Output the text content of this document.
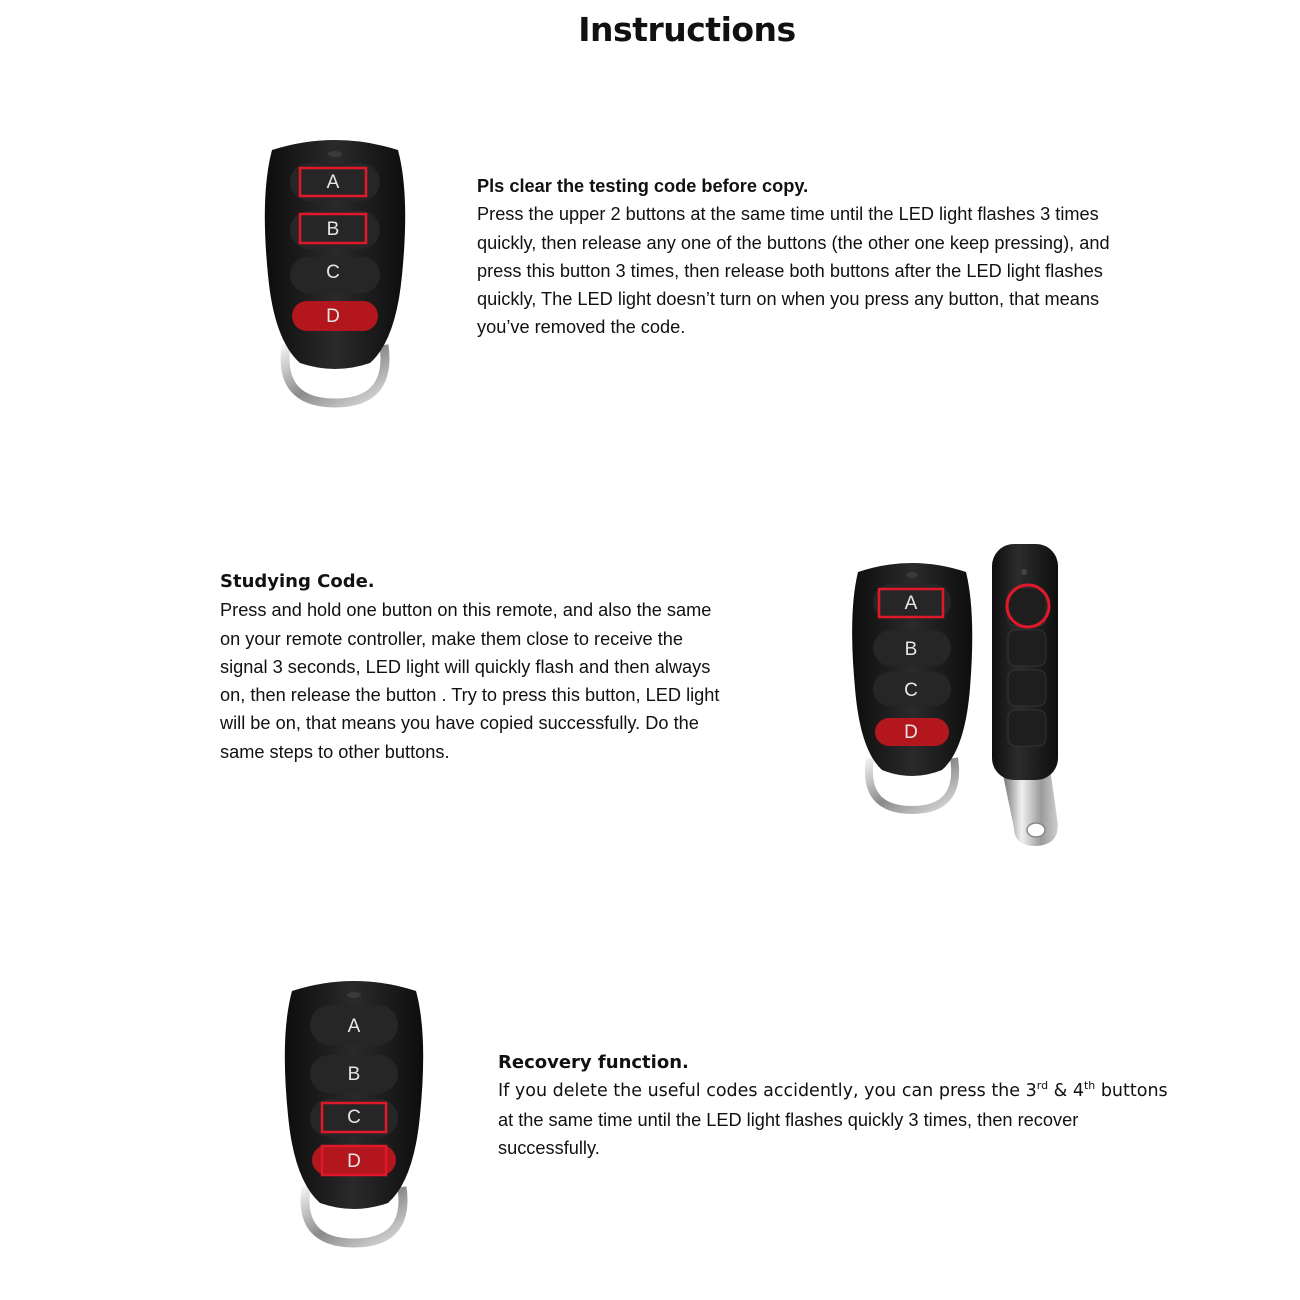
Instructions
A
B
C
D
Pls clear the testing code before copy.
Press the upper 2 buttons at the same time until the LED light flashes 3 times
quickly, then release any one of the buttons (the other one keep pressing), and
press this button 3 times, then release both buttons after the LED light flashes
quickly, The LED light doesn’t turn on when you press any button, that means
you’ve removed the code.
Studying Code.
Press and hold one button on this remote, and also the same
on your remote controller, make them close to receive the
signal 3 seconds, LED light will quickly flash and then always
on, then release the button . Try to press this button, LED light
will be on, that means you have copied successfully. Do the
same steps to other buttons.
A
B
C
D
A
B
C
D
Recovery function.
If you delete the useful codes accidently, you can press the 3rd & 4th buttons
at the same time until the LED light flashes quickly 3 times, then recover
successfully.
